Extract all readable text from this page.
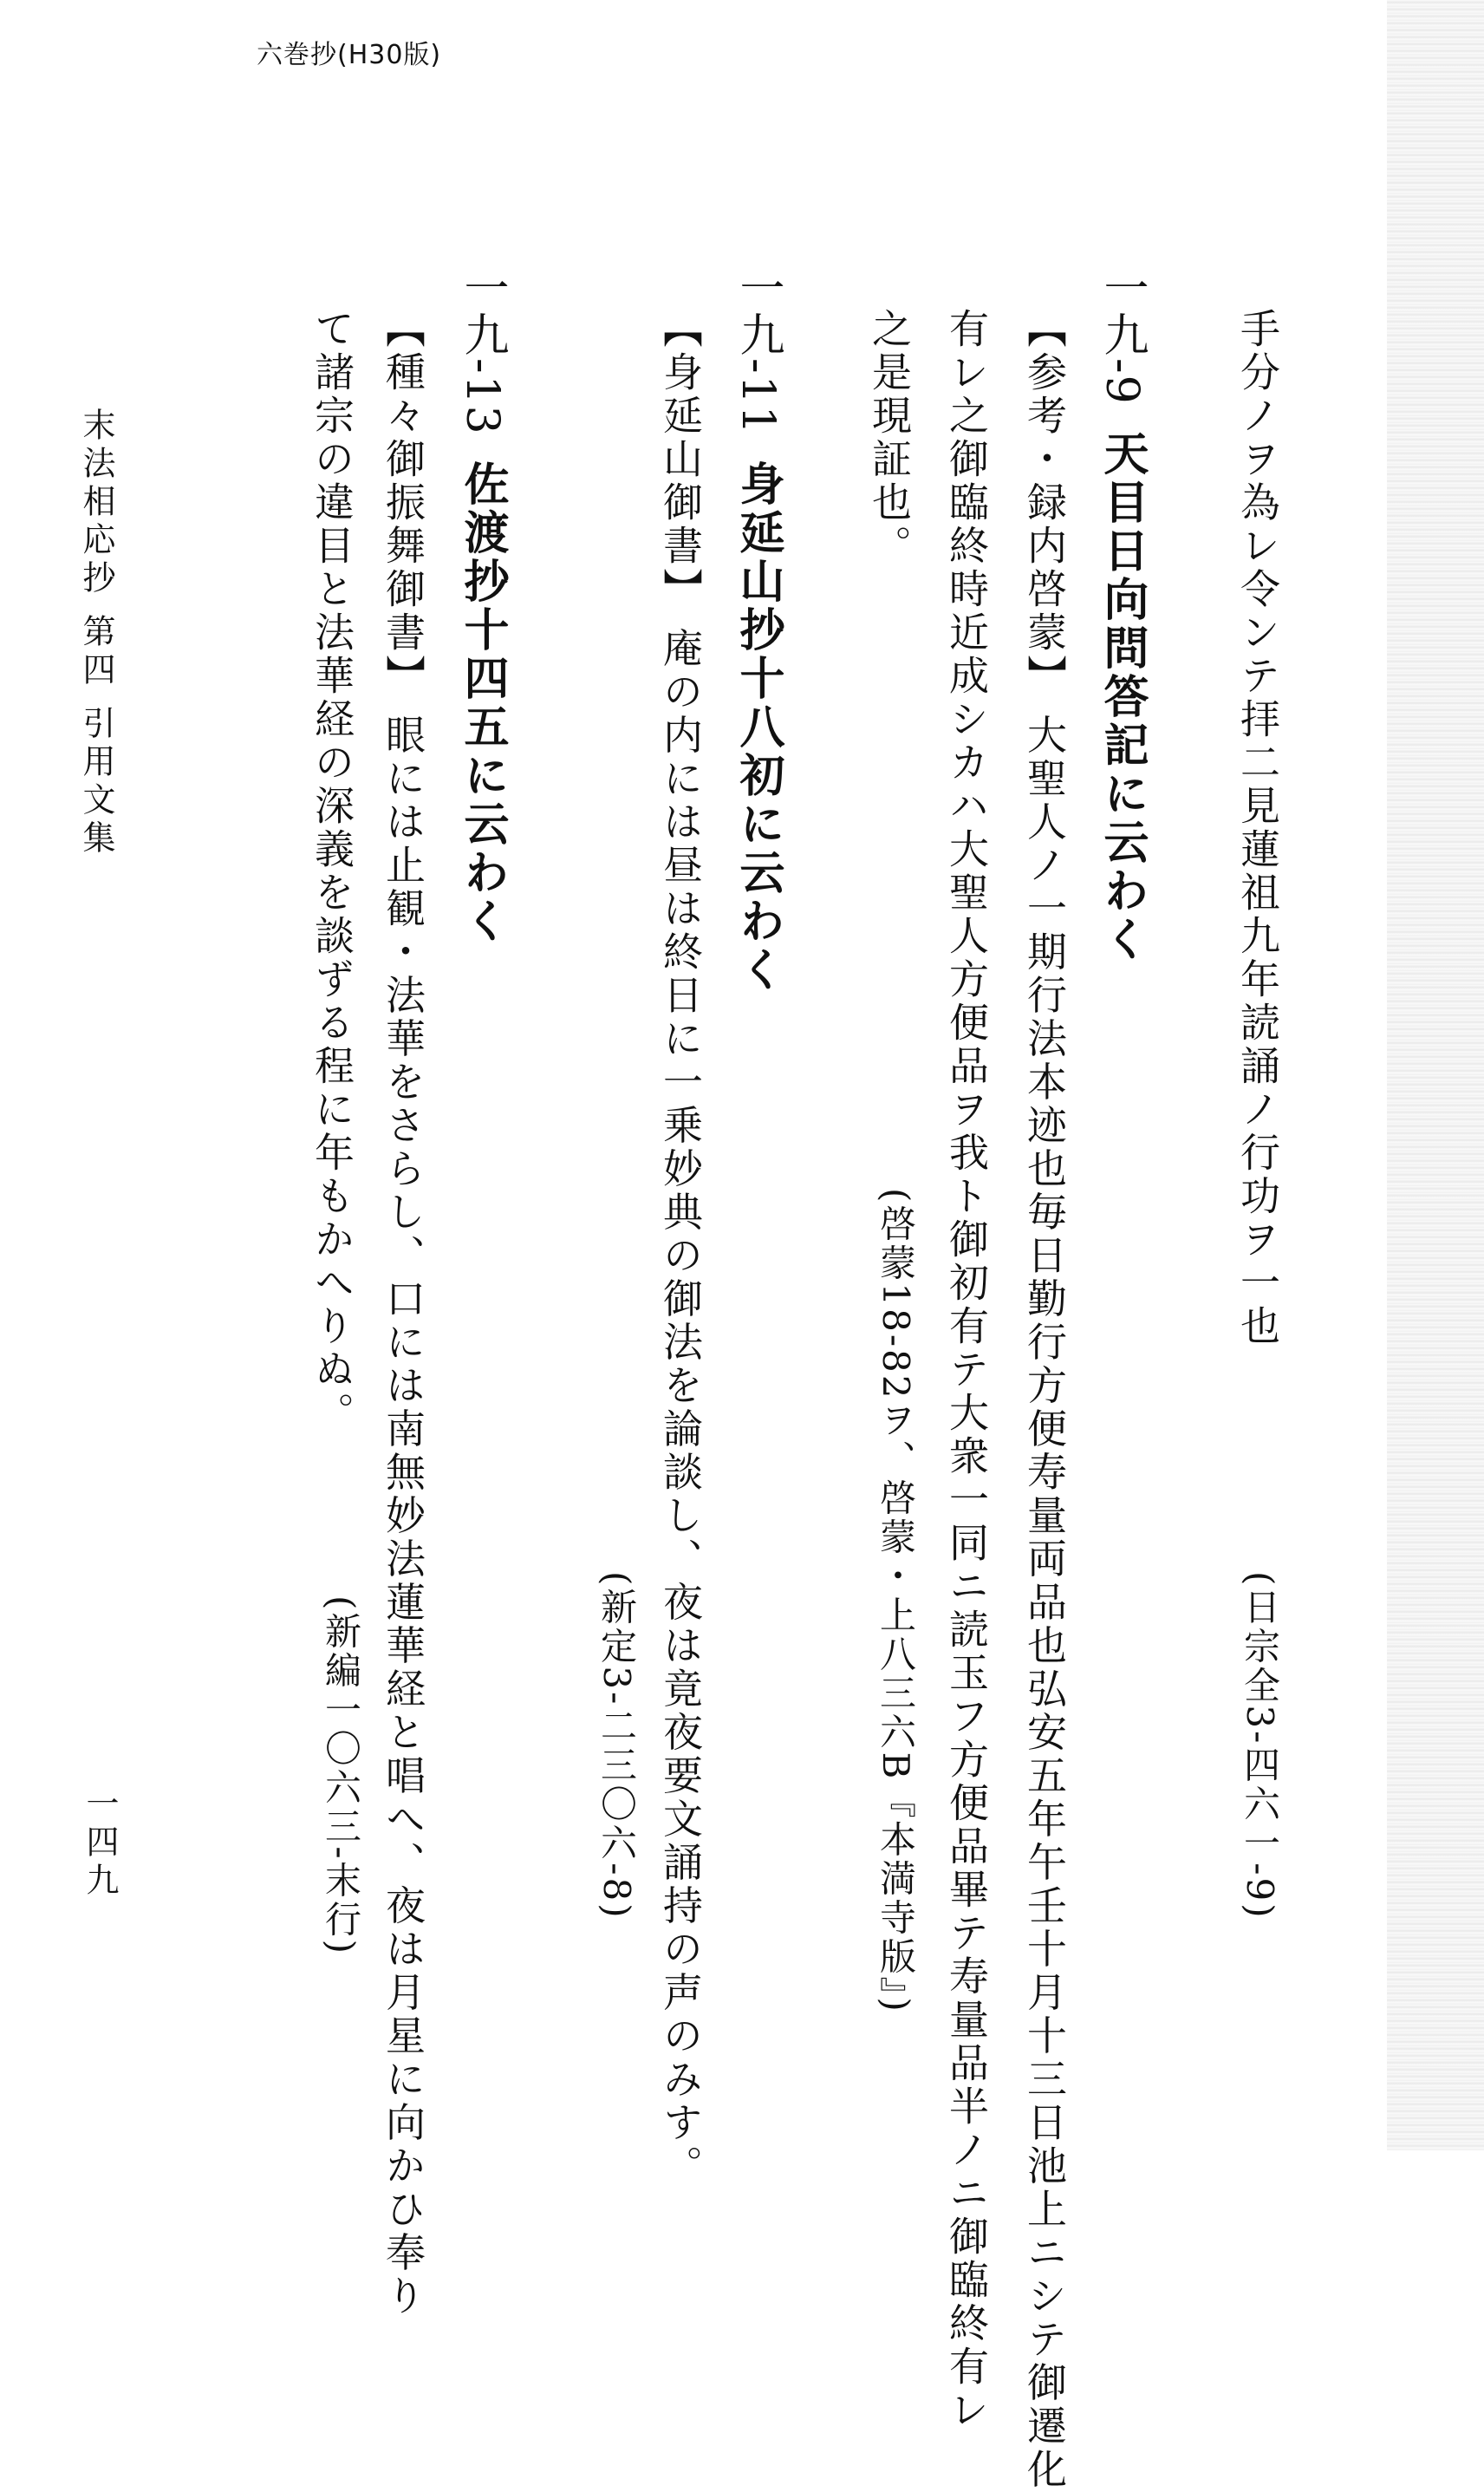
六巻抄(H30版)
手分ノヲ為レ令ンテ拝二見蓮祖九年読誦ノ行功ヲ一也
(日宗全3-四六一-9)
一九-9天目日向問答記に云わく
【参考・録内啓蒙】 大聖人ノ一期行法本迹也毎日勤行方便寿量両品也弘安五年午壬十月十三日池上ニシテ御遷化
有レ之御臨終時近成シカハ大聖人方便品ヲ我ト御初有テ大衆一同ニ読玉フ方便品畢テ寿量品半ノニ御臨終有レ
之是現証也。
(啓蒙18-82ヲ、啓蒙・上八三六B『本満寺版』)
一九-11身延山抄十八初に云わく
【身延山御書】 庵の内には昼は終日に一乗妙典の御法を論談し、夜は竟夜要文誦持の声のみす。
(新定3-二三〇六-8)
一九-13佐渡抄十四五に云わく
【種々御振舞御書】 眼には止観・法華をさらし、口には南無妙法蓮華経と唱へ、夜は月星に向かひ奉り
て諸宗の違目と法華経の深義を談ずる程に年もかへりぬ。
(新編一〇六三-末行)
末法相応抄 第四 引用文集
一四九
